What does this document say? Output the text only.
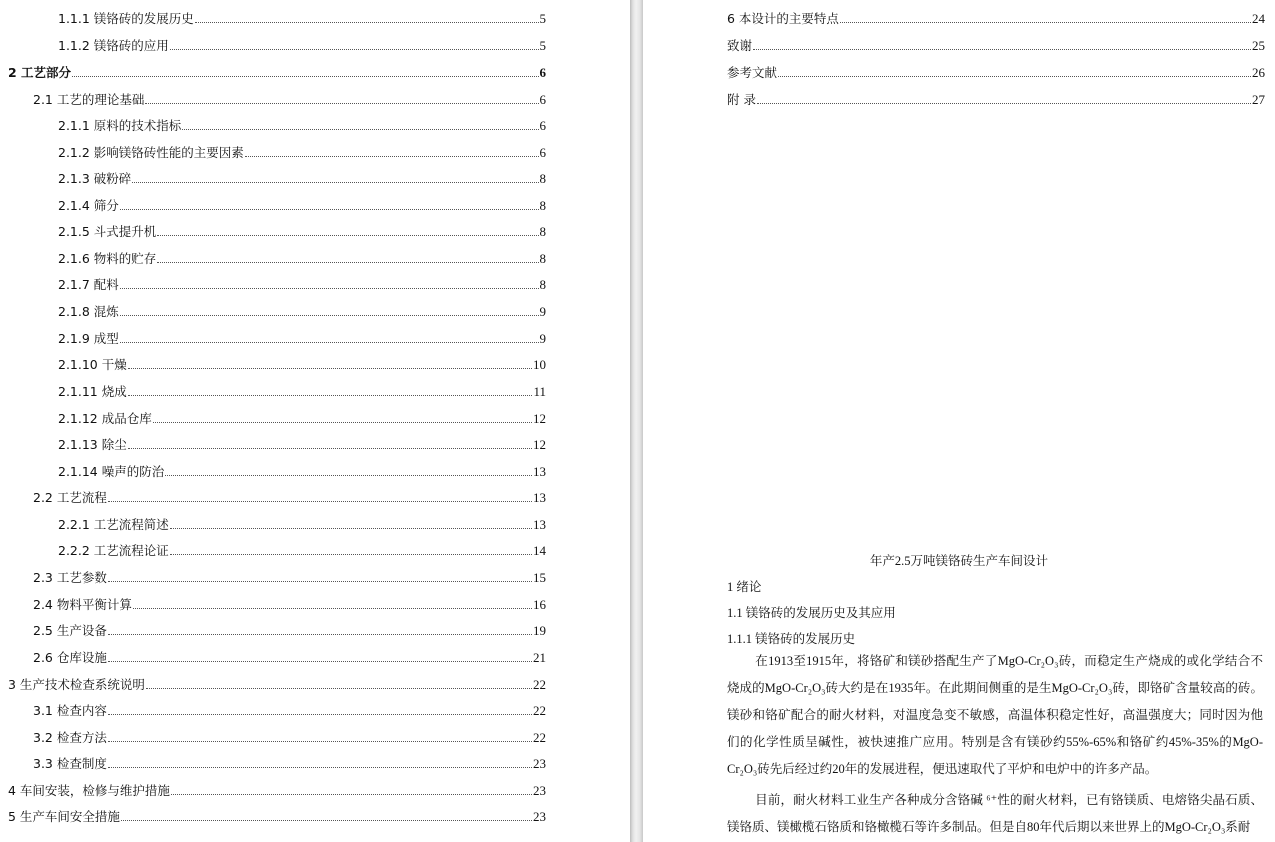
1.1.1 镁铬砖的发展历史	5
1.1.2 镁铬砖的应用	5
2 工艺部分	6
2.1 工艺的理论基础	6
2.1.1 原料的技术指标	6
2.1.2 影响镁铬砖性能的主要因素	6
2.1.3 破粉碎	8
2.1.4 筛分	8
2.1.5 斗式提升机	8
2.1.6 物料的贮存	8
2.1.7 配料	8
2.1.8 混炼	9
2.1.9 成型	9
2.1.10 干燥	10
2.1.11 烧成	11
2.1.12 成品仓库	12
2.1.13 除尘	12
2.1.14 噪声的防治	13
2.2 工艺流程	13
2.2.1 工艺流程简述	13
2.2.2 工艺流程论证	14
2.3 工艺参数	15
2.4 物料平衡计算	16
2.5 生产设备	19
2.6 仓库设施	21
3 生产技术检查系统说明	22
3.1 检查内容	22
3.2 检查方法	22
3.3 检查制度	23
4 车间安装，检修与维护措施	23
5 生产车间安全措施	23
6 本设计的主要特点	24
致谢	25
参考文献	26
附 录	27
年产2.5万吨镁铬砖生产车间设计
1 绪论
1.1 镁铬砖的发展历史及其应用
1.1.1 镁铬砖的发展历史
在1913至1915年，将铬矿和镁砂搭配生产了MgO-Cr₂O₃砖，而稳定生产烧成的或化学结合不烧成的MgO-Cr₂O₃砖大约是在1935年。在此期间侧重的是生MgO-Cr₂O₃砖，即铬矿含量较高的砖。镁砂和铬矿配合的耐火材料，对温度急变不敏感，高温体积稳定性好，高温强度大；同时因为他们的化学性质呈碱性，被快速推广应用。特别是含有镁砂约55%-65%和铬矿约45%-35%的MgO-Cr₂O₃砖先后经过约20年的发展进程，便迅速取代了平炉和电炉中的许多产品。
目前，耐火材料工业生产各种成分含铬碱 ⁶⁺性的耐火材料，已有铬镁质、电熔铬尖晶石质、镁铬质、镁橄榄石铬质和铬橄榄石等许多制品。但是自80年代后期以来世界上的MgO-Cr₂O₃系耐
